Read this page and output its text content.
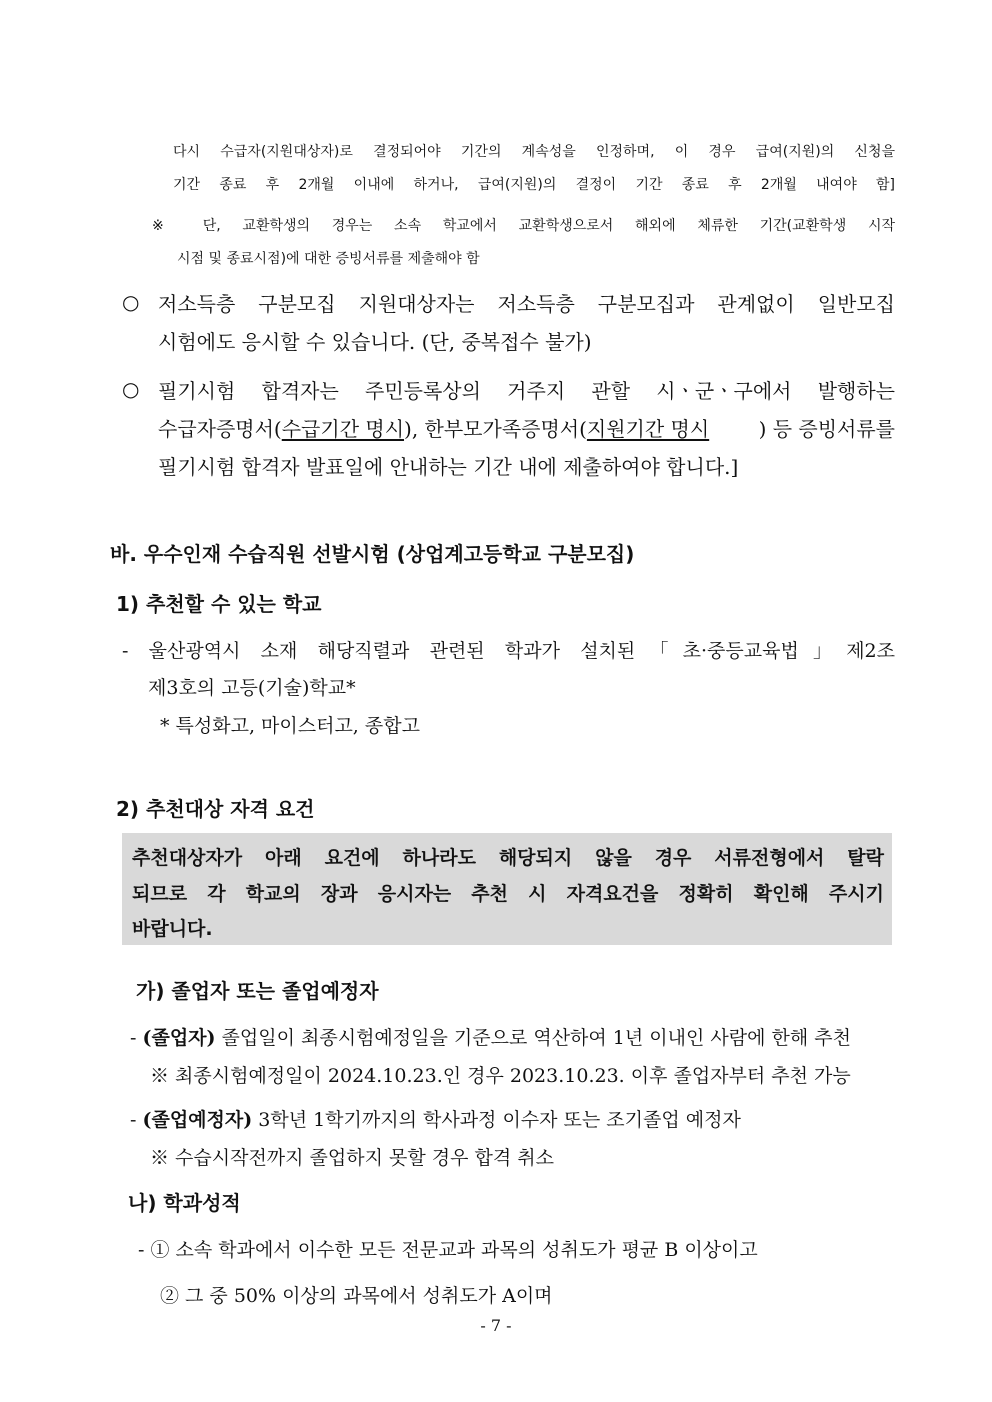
다시 수급자(지원대상자)로 결정되어야 기간의 계속성을 인정하며, 이 경우 급여(지원)의 신청을
기간 종료 후 2개월 이내에 하거나, 급여(지원)의 결정이 기간 종료 후 2개월 내여야 함]
※ 단, 교환학생의 경우는 소속 학교에서 교환학생으로서 해외에 체류한 기간(교환학생 시작
시점 및 종료시점)에 대한 증빙서류를 제출해야 함
○ 저소득층 구분모집 지원대상자는 저소득층 구분모집과 관계없이 일반모집
시험에도 응시할 수 있습니다. (단, 중복접수 불가)
○ 필기시험 합격자는 주민등록상의 거주지 관할 시ㆍ군ㆍ구에서 발행하는
수급자증명서(수급기간 명시), 한부모가족증명서(지원기간 명시 ) 등 증빙서류를
필기시험 합격자 발표일에 안내하는 기간 내에 제출하여야 합니다.]
바. 우수인재 수습직원 선발시험 (상업계고등학교 구분모집)
1) 추천할 수 있는 학교
- 울산광역시 소재 해당직렬과 관련된 학과가 설치된「초·중등교육법」제2조
제3호의 고등(기술)학교*
* 특성화고, 마이스터고, 종합고
2) 추천대상 자격 요건
추천대상자가 아래 요건에 하나라도 해당되지 않을 경우 서류전형에서 탈락
되므로 각 학교의 장과 응시자는 추천 시 자격요건을 정확히 확인해 주시기
바랍니다.
가) 졸업자 또는 졸업예정자
- (졸업자) 졸업일이 최종시험예정일을 기준으로 역산하여 1년 이내인 사람에 한해 추천
※ 최종시험예정일이 2024.10.23.인 경우 2023.10.23. 이후 졸업자부터 추천 가능
- (졸업예정자) 3학년 1학기까지의 학사과정 이수자 또는 조기졸업 예정자
※ 수습시작전까지 졸업하지 못할 경우 합격 취소
나) 학과성적
- ① 소속 학과에서 이수한 모든 전문교과 과목의 성취도가 평균 B 이상이고
② 그 중 50% 이상의 과목에서 성취도가 A이며
- 7 -
